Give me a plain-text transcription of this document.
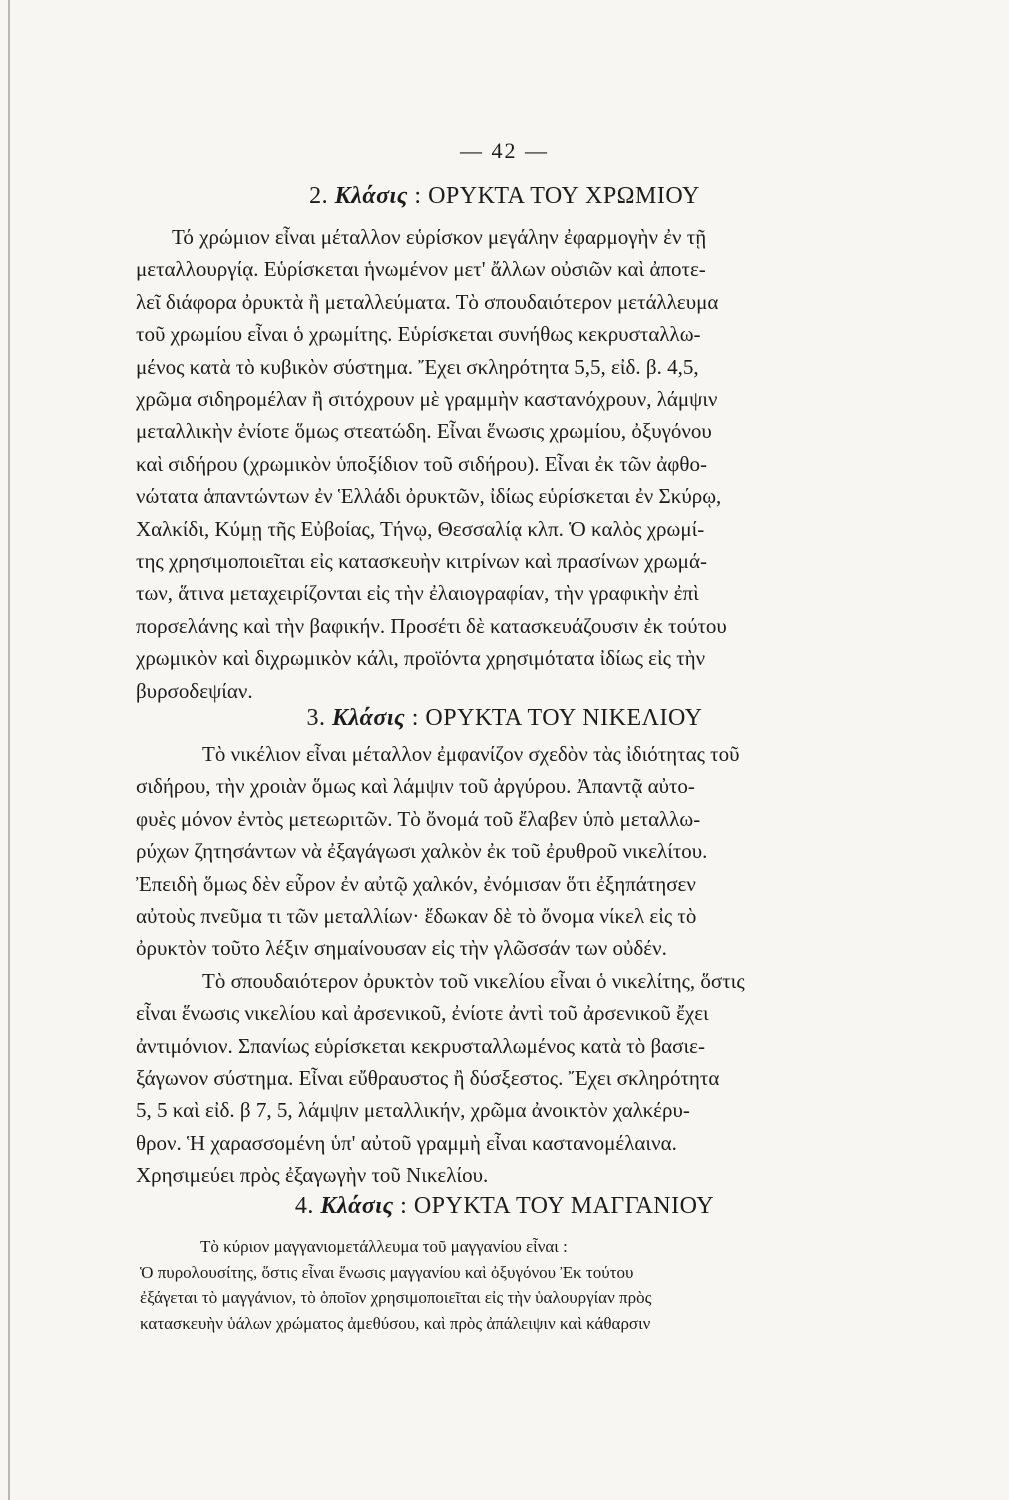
— 42 —
2. Κλάσις : ΟΡΥΚΤΑ ΤΟΥ ΧΡΩΜΙΟΥ
Τό χρώμιον εἶναι μέταλλον εὑρίσκον μεγάλην ἐφαρμογὴν ἐν τῇ
μεταλλουργίᾳ. Εὑρίσκεται ἡνωμένον μετ' ἄλλων οὐσιῶν καὶ ἀποτε-
λεῖ διάφορα ὀρυκτὰ ἢ μεταλλεύματα. Τὸ σπουδαιότερον μετάλλευμα
τοῦ χρωμίου εἶναι ὁ χρωμίτης. Εὑρίσκεται συνήθως κεκρυσταλλω-
μένος κατὰ τὸ κυβικὸν σύστημα. Ἔχει σκληρότητα 5,5, εἰδ. β. 4,5,
χρῶμα σιδηρομέλαν ἢ σιτόχρουν μὲ γραμμὴν καστανόχρουν, λάμψιν
μεταλλικὴν ἐνίοτε ὅμως στεατώδη. Εἶναι ἕνωσις χρωμίου, ὀξυγόνου
καὶ σιδήρου (χρωμικὸν ὑποξίδιον τοῦ σιδήρου). Εἶναι ἐκ τῶν ἀφθο-
νώτατα ἁπαντώντων ἐν Ἑλλάδι ὀρυκτῶν, ἰδίως εὑρίσκεται ἐν Σκύρῳ,
Χαλκίδι, Κύμῃ τῆς Εὐβοίας, Τήνῳ, Θεσσαλίᾳ κλπ. Ὁ καλὸς χρωμί-
της χρησιμοποιεῖται εἰς κατασκευὴν κιτρίνων καὶ πρασίνων χρωμά-
των, ἅτινα μεταχειρίζονται εἰς τὴν ἐλαιογραφίαν, τὴν γραφικὴν ἐπὶ
πορσελάνης καὶ τὴν βαφικήν. Προσέτι δὲ κατασκευάζουσιν ἐκ τούτου
χρωμικὸν καὶ διχρωμικὸν κάλι, προϊόντα χρησιμότατα ἰδίως εἰς τὴν
βυρσοδεψίαν.
3. Κλάσις : ΟΡΥΚΤΑ ΤΟΥ ΝΙΚΕΛΙΟΥ
Τὸ νικέλιον εἶναι μέταλλον ἐμφανίζον σχεδὸν τὰς ἰδιότητας τοῦ
σιδήρου, τὴν χροιὰν ὅμως καὶ λάμψιν τοῦ ἀργύρου. Ἀπαντᾷ αὐτο-
φυὲς μόνον ἐντὸς μετεωριτῶν. Τὸ ὄνομά τοῦ ἔλαβεν ὑπὸ μεταλλω-
ρύχων ζητησάντων νὰ ἐξαγάγωσι χαλκὸν ἐκ τοῦ ἐρυθροῦ νικελίτου.
Ἐπειδὴ ὅμως δὲν εὗρον ἐν αὐτῷ χαλκόν, ἐνόμισαν ὅτι ἐξηπάτησεν
αὐτοὺς πνεῦμα τι τῶν μεταλλίων· ἔδωκαν δὲ τὸ ὄνομα νίκελ εἰς τὸ
ὀρυκτὸν τοῦτο λέξιν σημαίνουσαν εἰς τὴν γλῶσσάν των οὐδέν.
Τὸ σπουδαιότερον ὀρυκτὸν τοῦ νικελίου εἶναι ὁ νικελίτης, ὅστις
εἶναι ἕνωσις νικελίου καὶ ἀρσενικοῦ, ἐνίοτε ἀντὶ τοῦ ἀρσενικοῦ ἔχει
ἀντιμόνιον. Σπανίως εὑρίσκεται κεκρυσταλλωμένος κατὰ τὸ βασιε-
ξάγωνον σύστημα. Εἶναι εὔθραυστος ἢ δύσξεστος. Ἔχει σκληρότητα
5, 5 καὶ εἰδ. β 7, 5, λάμψιν μεταλλικήν, χρῶμα ἀνοικτὸν χαλκέρυ-
θρον. Ἡ χαρασσομένη ὑπ' αὐτοῦ γραμμὴ εἶναι καστανομέλαινα.
Χρησιμεύει πρὸς ἐξαγωγὴν τοῦ Νικελίου.
4. Κλάσις : ΟΡΥΚΤΑ ΤΟΥ ΜΑΓΓΑΝΙΟΥ
Τὸ κύριον μαγγανιομετάλλευμα τοῦ μαγγανίου εἶναι :
Ὁ πυρολουσίτης, ὅστις εἶναι ἕνωσις μαγγανίου καὶ ὀξυγόνου Ἐκ τούτου
ἐξάγεται τὸ μαγγάνιον, τὸ ὁποῖον χρησιμοποιεῖται εἰς τὴν ὑαλουργίαν πρὸς
κατασκευὴν ὑάλων χρώματος ἀμεθύσου, καὶ πρὸς ἀπάλειψιν καὶ κάθαρσιν
